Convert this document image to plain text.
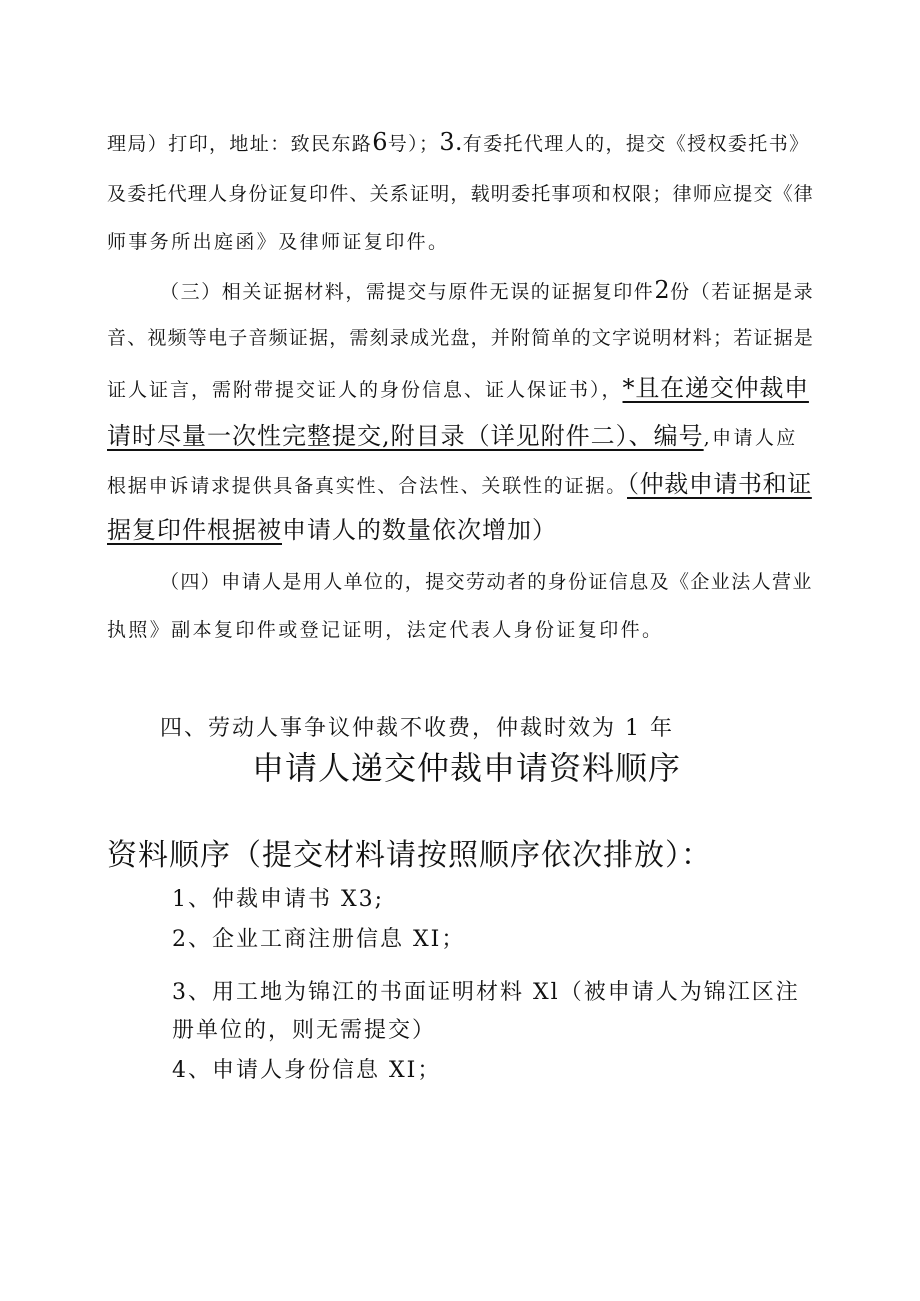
理局）打印，地址：致民东路6号）；3.有委托代理人的，提交《授权委托书》
及委托代理人身份证复印件、关系证明，载明委托事项和权限；律师应提交《律
师事务所出庭函》及律师证复印件。
（三）相关证据材料，需提交与原件无误的证据复印件2份（若证据是录
音、视频等电子音频证据，需刻录成光盘，并附简单的文字说明材料；若证据是
证人证言，需附带提交证人的身份信息、证人保证书），*且在递交仲裁申
请时尽量一次性完整提交,附目录（详见附件二）、编号,申请人应
根据申诉请求提供具备真实性、合法性、关联性的证据。（仲裁申请书和证
据复印件根据被申请人的数量依次增加）
（四）申请人是用人单位的，提交劳动者的身份证信息及《企业法人营业
执照》副本复印件或登记证明，法定代表人身份证复印件。
四、劳动人事争议仲裁不收费，仲裁时效为 1 年
申请人递交仲裁申请资料顺序
资料顺序（提交材料请按照顺序依次排放）：
1、仲裁申请书 X3;
2、企业工商注册信息 XI；
3、用工地为锦江的书面证明材料 Xl（被申请人为锦江区注
册单位的，则无需提交）
4、申请人身份信息 XI；
